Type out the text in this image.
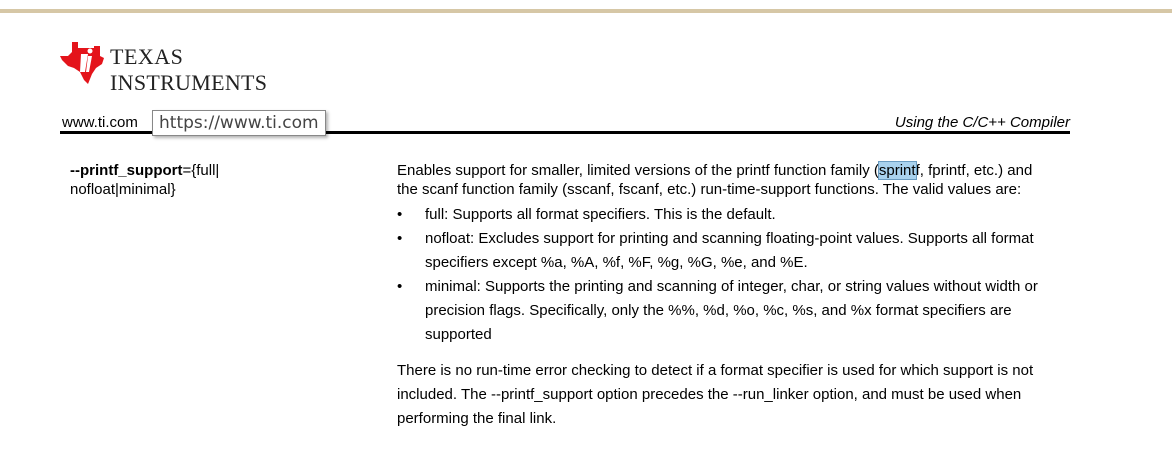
TEXAS
INSTRUMENTS
www.ti.com	Using the C/C++ Compiler
https://www.ti.com
--printf_support={full|
nofloat|minimal}
Enables support for smaller, limited versions of the printf function family (sprintf, fprintf, etc.) and the scanf function family (sscanf, fscanf, etc.) run-time-support functions. The valid values are:
• full: Supports all format specifiers. This is the default.
• nofloat: Excludes support for printing and scanning floating-point values. Supports all format specifiers except %a, %A, %f, %F, %g, %G, %e, and %E.
• minimal: Supports the printing and scanning of integer, char, or string values without width or precision flags. Specifically, only the %%, %d, %o, %c, %s, and %x format specifiers are supported
There is no run-time error checking to detect if a format specifier is used for which support is not included. The --printf_support option precedes the --run_linker option, and must be used when performing the final link.
